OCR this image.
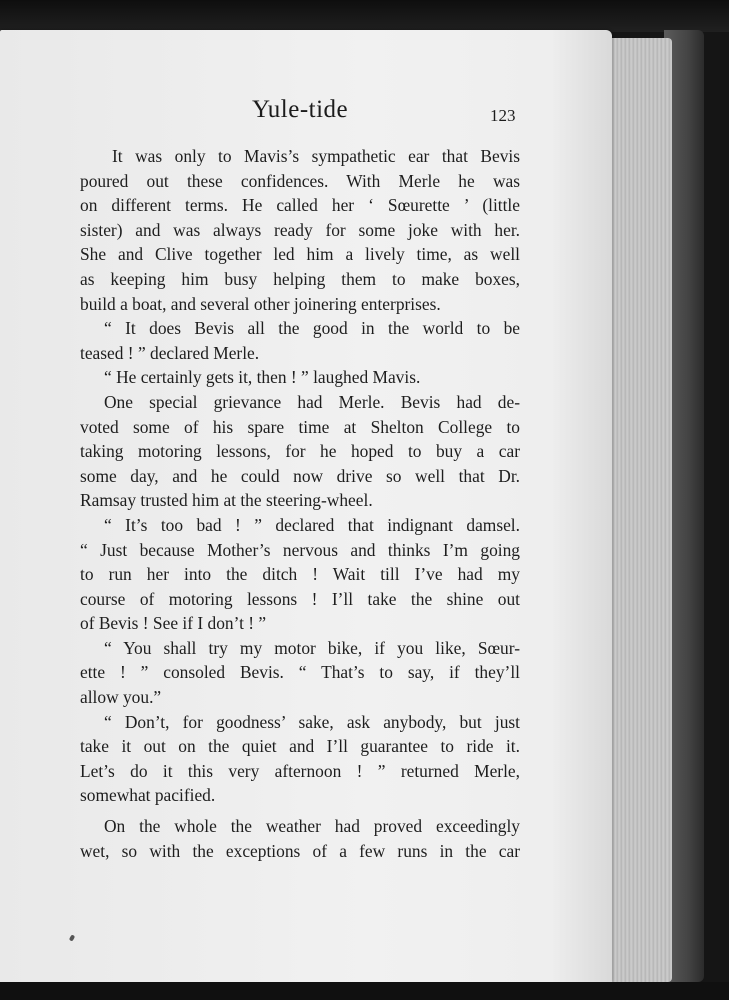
Yule-tide	123
It was only to Mavis’s sympathetic ear that Bevis
poured out these confidences. With Merle he was
on different terms. He called her ‘ Sœurette ’ (little
sister) and was always ready for some joke with her.
She and Clive together led him a lively time, as well
as keeping him busy helping them to make boxes,
build a boat, and several other joinering enterprises.
“ It does Bevis all the good in the world to be
teased ! ” declared Merle.
“ He certainly gets it, then ! ” laughed Mavis.
One special grievance had Merle. Bevis had de-
voted some of his spare time at Shelton College to
taking motoring lessons, for he hoped to buy a car
some day, and he could now drive so well that Dr.
Ramsay trusted him at the steering-wheel.
“ It’s too bad ! ” declared that indignant damsel.
“ Just because Mother’s nervous and thinks I’m going
to run her into the ditch ! Wait till I’ve had my
course of motoring lessons ! I’ll take the shine out
of Bevis ! See if I don’t ! ”
“ You shall try my motor bike, if you like, Sœur-
ette ! ” consoled Bevis. “ That’s to say, if they’ll
allow you.”
“ Don’t, for goodness’ sake, ask anybody, but just
take it out on the quiet and I’ll guarantee to ride it.
Let’s do it this very afternoon ! ” returned Merle,
somewhat pacified.
On the whole the weather had proved exceedingly
wet, so with the exceptions of a few runs in the car
